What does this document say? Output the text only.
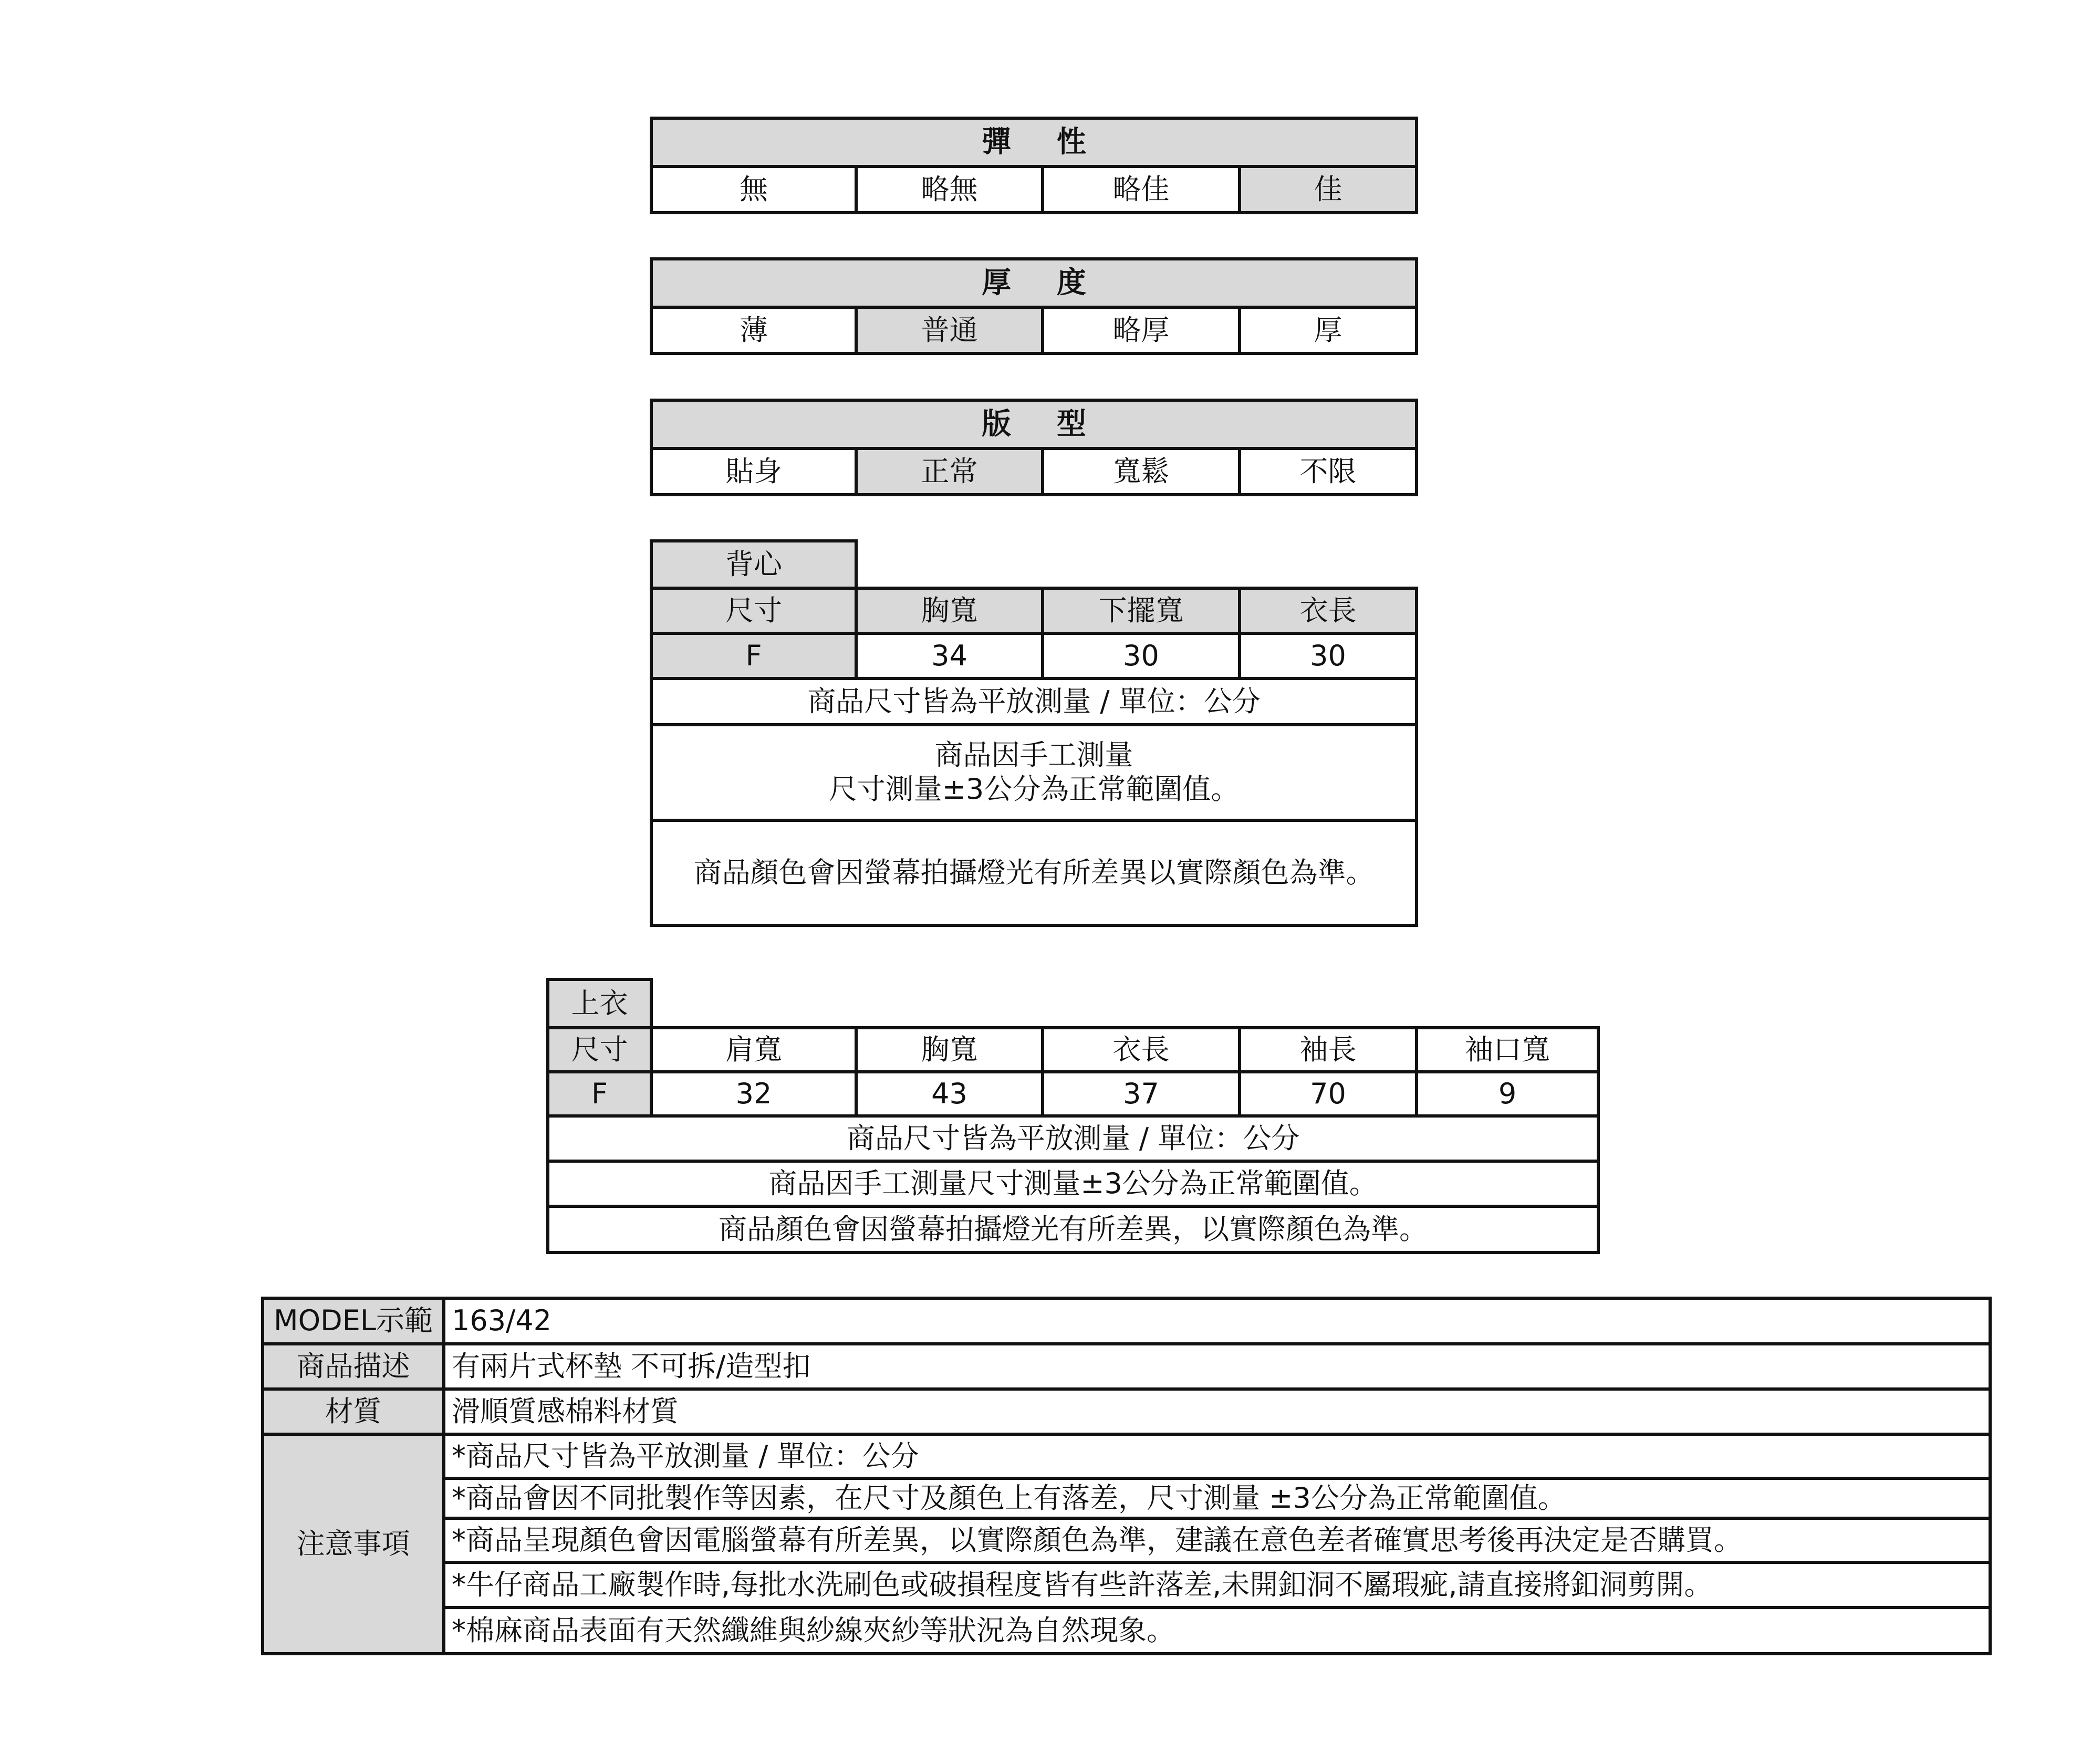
彈 性
無	略無	略佳	佳
厚 度
薄	普通	略厚	厚
版 型
貼身	正常	寬鬆	不限
背心			
尺寸	胸寬	下擺寬	衣長
F	34	30	30
商品尺寸皆為平放測量 / 單位：公分			

商品因手工測量
尺寸測量±3公分為正常範圍值。			

商品顏色會因螢幕拍攝燈光有所差異以實際顏色為準。			
上衣					
尺寸	肩寬	胸寬	衣長	袖長	袖口寬
F	32	43	37	70	9
商品尺寸皆為平放測量 / 單位：公分					
商品因手工測量尺寸測量±3公分為正常範圍值。					
商品顏色會因螢幕拍攝燈光有所差異，以實際顏色為準。					
MODEL示範	163/42
商品描述	有兩片式杯墊 不可拆/造型扣
材質	滑順質感棉料材質
注意事項	*商品尺寸皆為平放測量 / 單位：公分
	*商品會因不同批製作等因素，在尺寸及顏色上有落差，尺寸測量 ±3公分為正常範圍值。
	*商品呈現顏色會因電腦螢幕有所差異，以實際顏色為準，建議在意色差者確實思考後再決定是否購買。
	*牛仔商品工廠製作時,每批水洗刷色或破損程度皆有些許落差,未開釦洞不屬瑕疵,請直接將釦洞剪開。
	*棉麻商品表面有天然纖維與紗線夾紗等狀況為自然現象。
